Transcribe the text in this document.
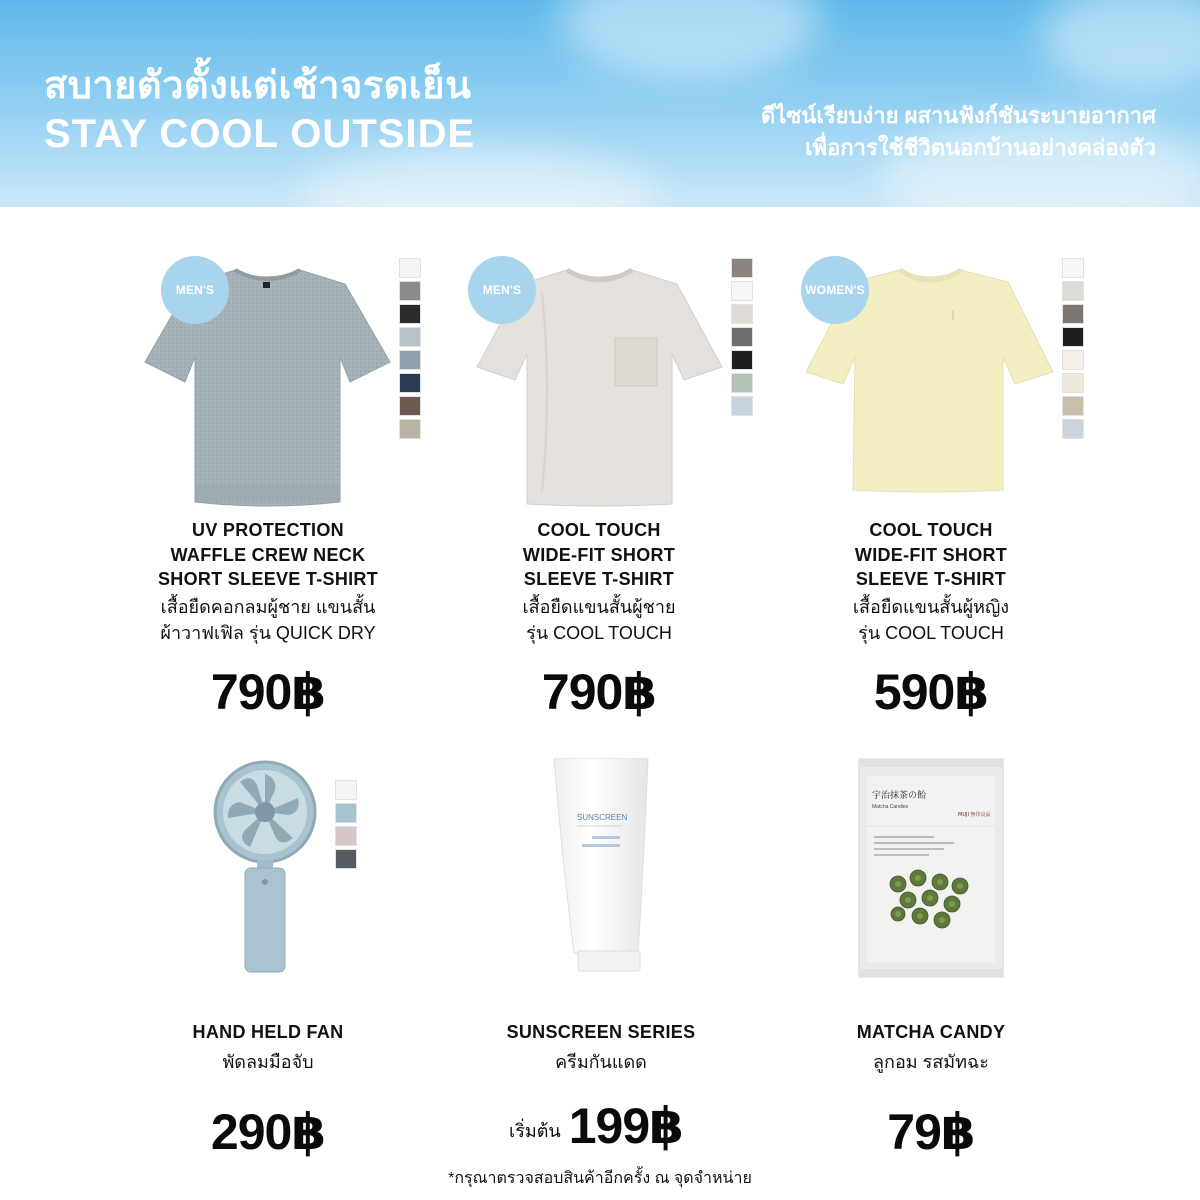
สบายตัวตั้งแต่เช้าจรดเย็น
STAY COOL OUTSIDE	ดีไซน์เรียบง่าย ผสานฟังก์ชันระบายอากาศ
เพื่อการใช้ชีวิตนอกบ้านอย่างคล่องตัว
MEN'S
UV PROTECTION
WAFFLE CREW NECK
SHORT SLEEVE T-SHIRT
เสื้อยืดคอกลมผู้ชาย แขนสั้น
ผ้าวาฟเฟิล รุ่น QUICK DRY
790฿
MEN'S
COOL TOUCH
WIDE-FIT SHORT
SLEEVE T-SHIRT
เสื้อยืดแขนสั้นผู้ชาย
รุ่น COOL TOUCH
790฿
WOMEN'S
COOL TOUCH
WIDE-FIT SHORT
SLEEVE T-SHIRT
เสื้อยืดแขนสั้นผู้หญิง
รุ่น COOL TOUCH
590฿
HAND HELD FAN
พัดลมมือจับ
290฿
SUNSCREEN
SUNSCREEN SERIES
ครีมกันแดด
เริ่มต้น 199฿
宇治抹茶の飴
Matcha Candies
MUJI 無印良品
MATCHA CANDY
ลูกอม รสมัทฉะ
79฿
*กรุณาตรวจสอบสินค้าอีกครั้ง ณ จุดจำหน่าย
